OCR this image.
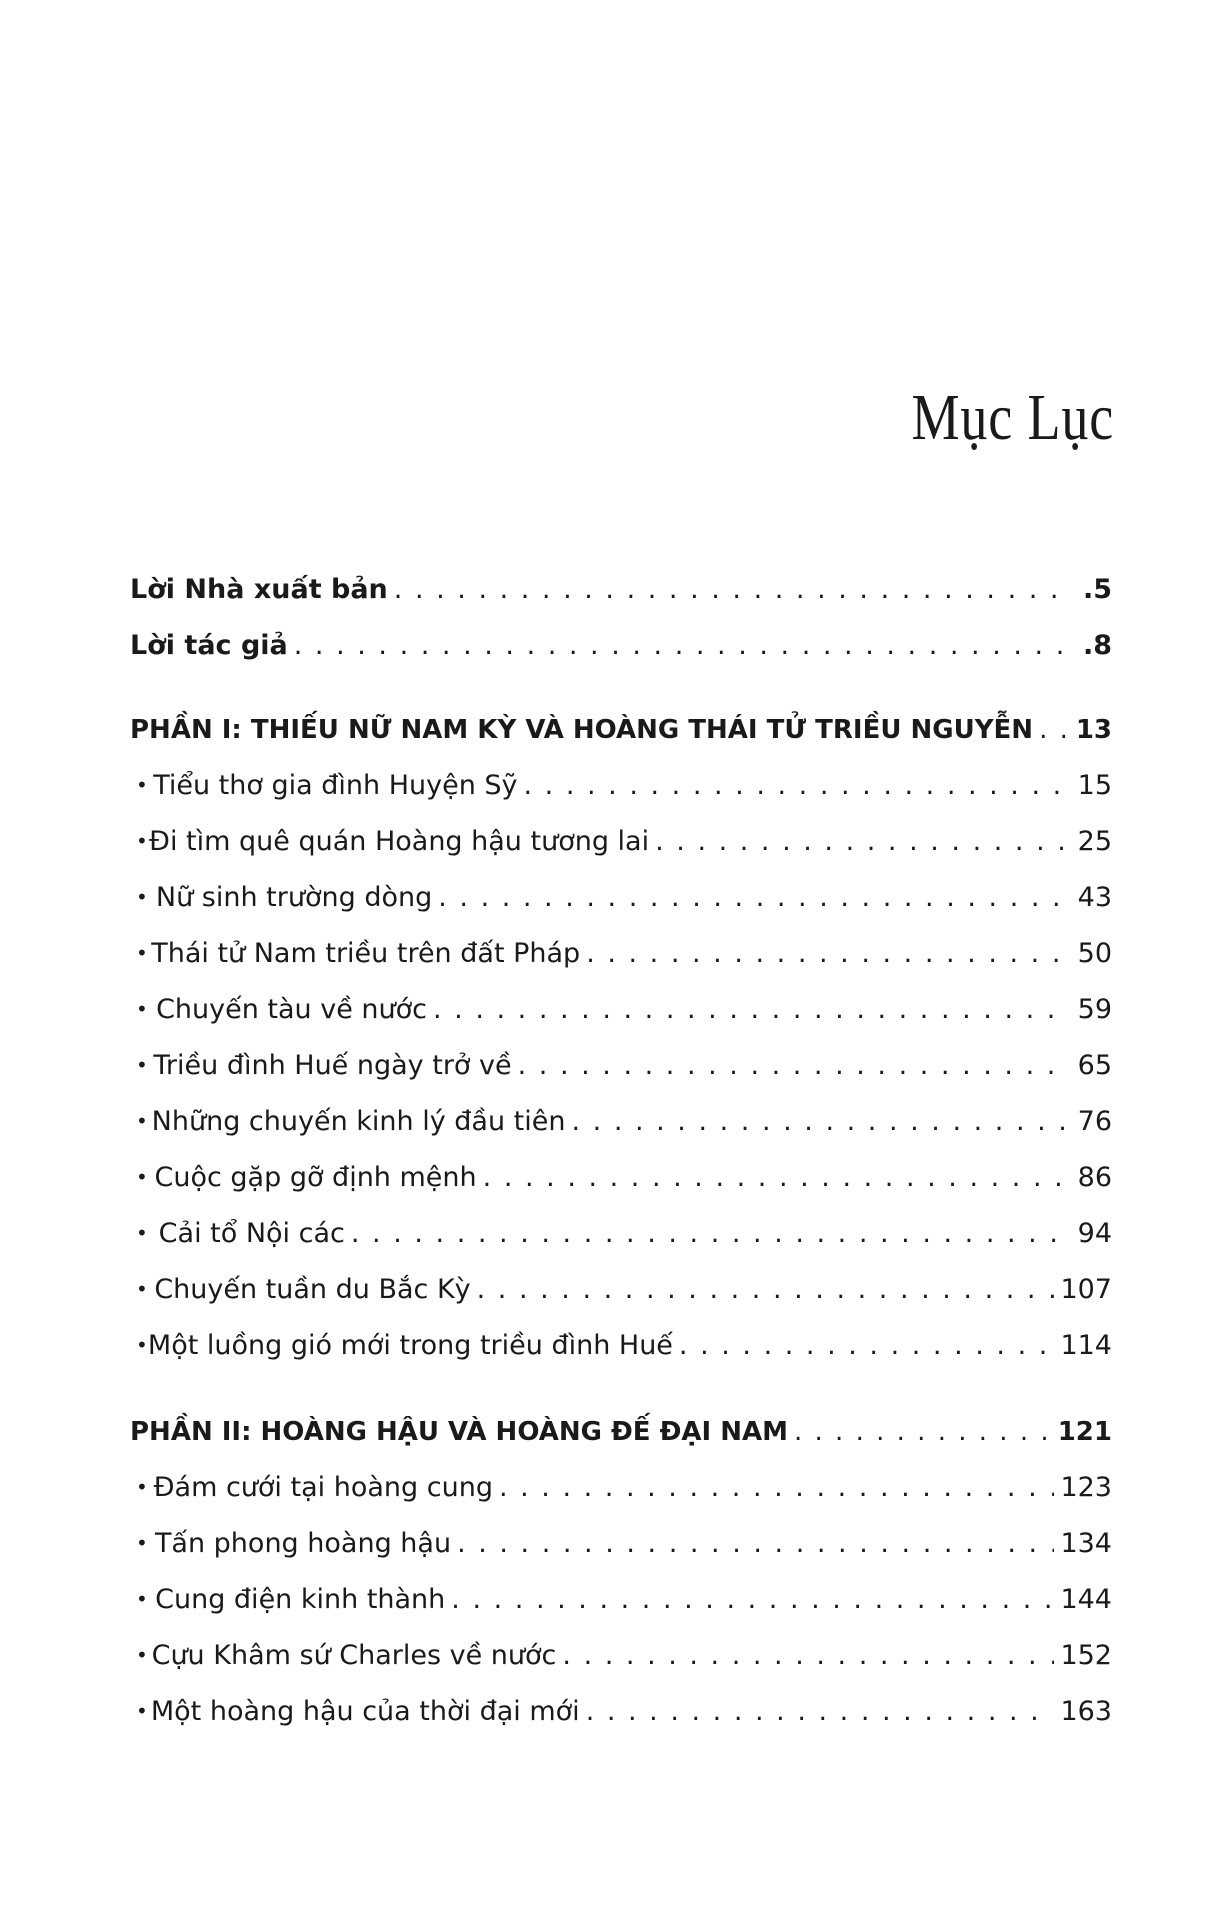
Mục Lục
Lời Nhà xuất bản . . .	.5
Lời tác giả . . .	.8
PHẦN I: THIẾU NỮ NAM KỲ VÀ HOÀNG THÁI TỬ TRIỀU NGUYỄN . . . 13
• Tiểu thơ gia đình Huyện Sỹ . . .	15
• Đi tìm quê quán Hoàng hậu tương lai . . .	25
• Nữ sinh trường dòng . . .	43
• Thái tử Nam triều trên đất Pháp . . .	50
• Chuyến tàu về nước . . .	59
• Triều đình Huế ngày trở về . . .	65
• Những chuyến kinh lý đầu tiên . . .	76
• Cuộc gặp gỡ định mệnh . . .	86
• Cải tổ Nội các . . .	94
• Chuyến tuần du Bắc Kỳ . . .	107
• Một luồng gió mới trong triều đình Huế . . .	114
PHẦN II: HOÀNG HẬU VÀ HOÀNG ĐẾ ĐẠI NAM . . .	121
• Đám cưới tại hoàng cung . . .	123
• Tấn phong hoàng hậu . . .	134
• Cung điện kinh thành . . .	144
• Cựu Khâm sứ Charles về nước . . .	152
• Một hoàng hậu của thời đại mới . . .	163
